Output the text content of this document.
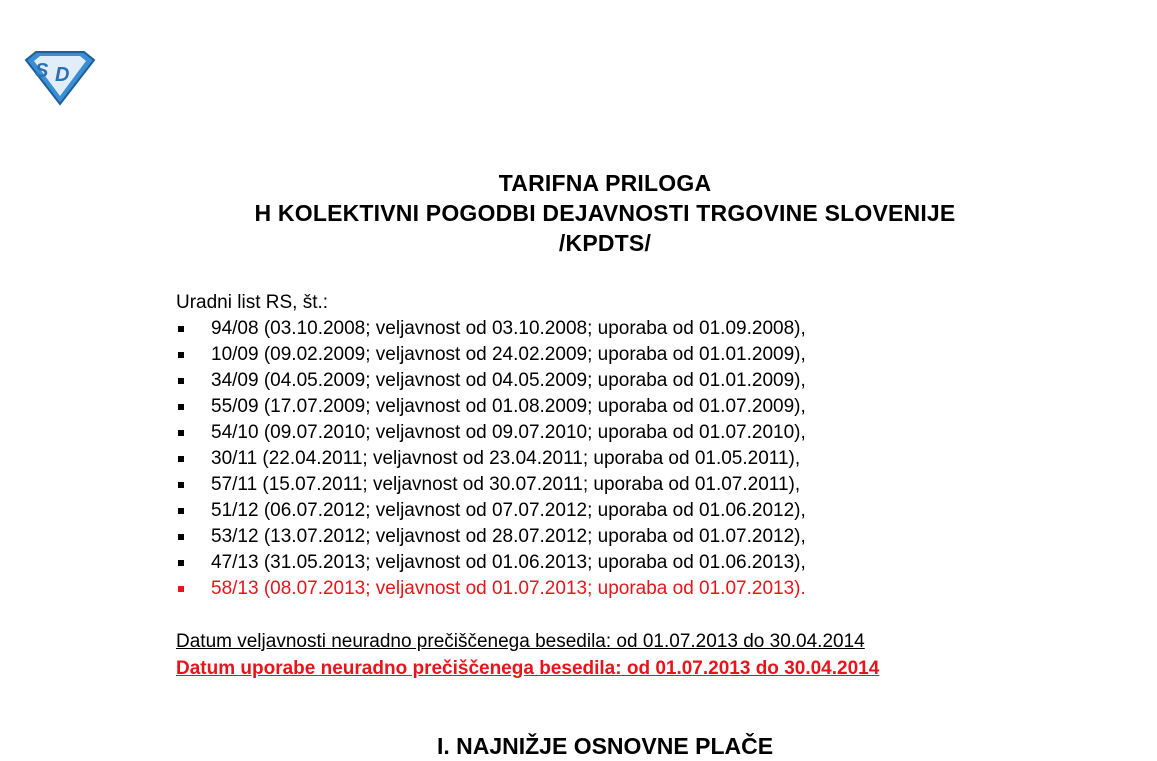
S D
TARIFNA PRILOGA
H KOLEKTIVNI POGODBI DEJAVNOSTI TRGOVINE SLOVENIJE
/KPDTS/
Uradni list RS, št.:
94/08 (03.10.2008; veljavnost od 03.10.2008; uporaba od 01.09.2008),
10/09 (09.02.2009; veljavnost od 24.02.2009; uporaba od 01.01.2009),
34/09 (04.05.2009; veljavnost od 04.05.2009; uporaba od 01.01.2009),
55/09 (17.07.2009; veljavnost od 01.08.2009; uporaba od 01.07.2009),
54/10 (09.07.2010; veljavnost od 09.07.2010; uporaba od 01.07.2010),
30/11 (22.04.2011; veljavnost od 23.04.2011; uporaba od 01.05.2011),
57/11 (15.07.2011; veljavnost od 30.07.2011; uporaba od 01.07.2011),
51/12 (06.07.2012; veljavnost od 07.07.2012; uporaba od 01.06.2012),
53/12 (13.07.2012; veljavnost od 28.07.2012; uporaba od 01.07.2012),
47/13 (31.05.2013; veljavnost od 01.06.2013; uporaba od 01.06.2013),
58/13 (08.07.2013; veljavnost od 01.07.2013; uporaba od 01.07.2013).
Datum veljavnosti neuradno prečiščenega besedila: od 01.07.2013 do 30.04.2014
Datum uporabe neuradno prečiščenega besedila: od 01.07.2013 do 30.04.2014
I. NAJNIŽJE OSNOVNE PLAČE
